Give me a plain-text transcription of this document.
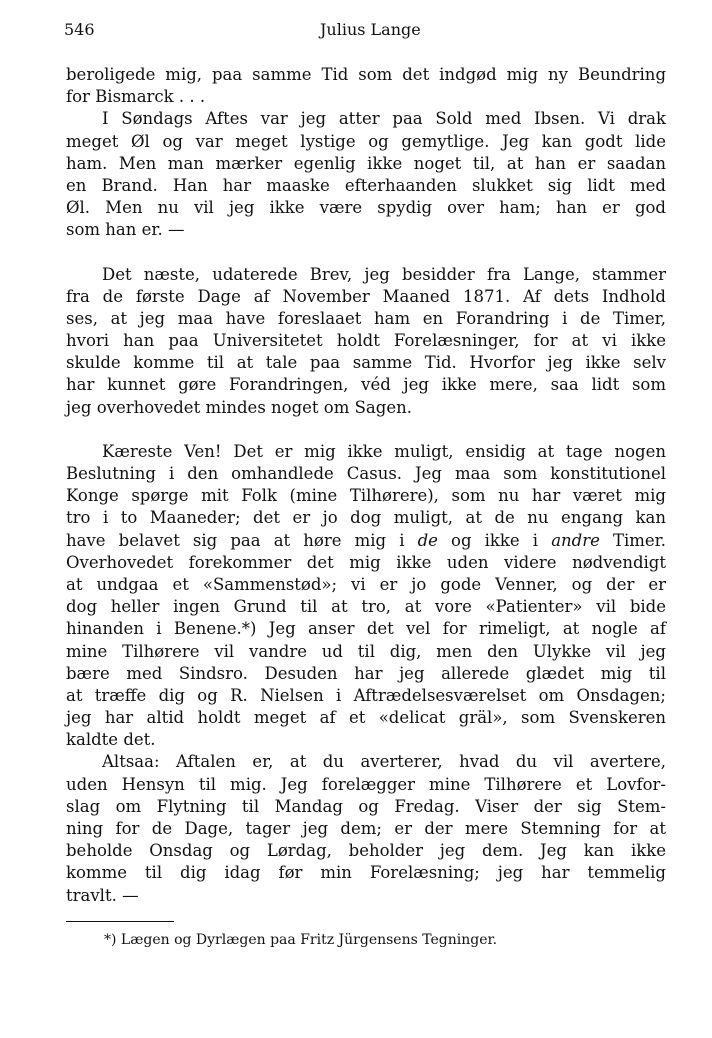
546	Julius Lange
beroligede mig, paa samme Tid som det indgød mig ny Beundring
for Bismarck . . .
I Søndags Aftes var jeg atter paa Sold med Ibsen. Vi drak
meget Øl og var meget lystige og gemytlige. Jeg kan godt lide
ham. Men man mærker egenlig ikke noget til, at han er saadan
en Brand. Han har maaske efterhaanden slukket sig lidt med
Øl. Men nu vil jeg ikke være spydig over ham; han er god
som han er. —
Det næste, udaterede Brev, jeg besidder fra Lange, stammer
fra de første Dage af November Maaned 1871. Af dets Indhold
ses, at jeg maa have foreslaaet ham en Forandring i de Timer,
hvori han paa Universitetet holdt Forelæsninger, for at vi ikke
skulde komme til at tale paa samme Tid. Hvorfor jeg ikke selv
har kunnet gøre Forandringen, véd jeg ikke mere, saa lidt som
jeg overhovedet mindes noget om Sagen.
Kæreste Ven! Det er mig ikke muligt, ensidig at tage nogen
Beslutning i den omhandlede Casus. Jeg maa som konstitutionel
Konge spørge mit Folk (mine Tilhørere), som nu har været mig
tro i to Maaneder; det er jo dog muligt, at de nu engang kan
have belavet sig paa at høre mig i de og ikke i andre Timer.
Overhovedet forekommer det mig ikke uden videre nødvendigt
at undgaa et «Sammenstød»; vi er jo gode Venner, og der er
dog heller ingen Grund til at tro, at vore «Patienter» vil bide
hinanden i Benene.*) Jeg anser det vel for rimeligt, at nogle af
mine Tilhørere vil vandre ud til dig, men den Ulykke vil jeg
bære med Sindsro. Desuden har jeg allerede glædet mig til
at træffe dig og R. Nielsen i Aftrædelsesværelset om Onsdagen;
jeg har altid holdt meget af et «delicat gräl», som Svenskeren
kaldte det.
Altsaa: Aftalen er, at du averterer, hvad du vil avertere,
uden Hensyn til mig. Jeg forelægger mine Tilhørere et Lovfor-
slag om Flytning til Mandag og Fredag. Viser der sig Stem-
ning for de Dage, tager jeg dem; er der mere Stemning for at
beholde Onsdag og Lørdag, beholder jeg dem. Jeg kan ikke
komme til dig idag før min Forelæsning; jeg har temmelig
travlt. —
*) Lægen og Dyrlægen paa Fritz Jürgensens Tegninger.
